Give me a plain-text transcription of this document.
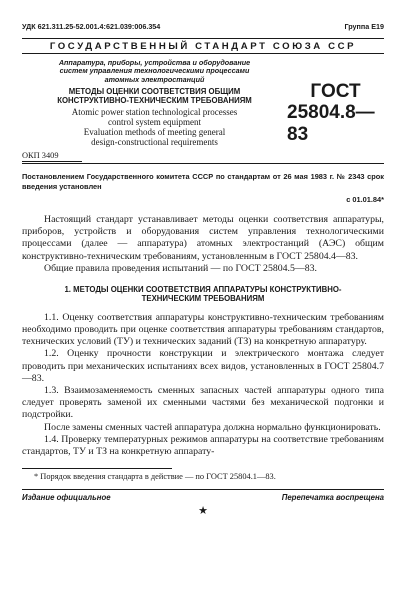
УДК 621.311.25-52.001.4:621.039:006.354	Группа Е19
ГОСУДАРСТВЕННЫЙ СТАНДАРТ СОЮЗА ССР
Аппаратура, приборы, устройства и оборудование
систем управления технологическими процессами
атомных электростанций
МЕТОДЫ ОЦЕНКИ СООТВЕТСТВИЯ ОБЩИМ
КОНСТРУКТИВНО-ТЕХНИЧЕСКИМ ТРЕБОВАНИЯМ
Atomic power station technological processes
control system equipment
Evaluation methods of meeting general
design-constructional requirements
ГОСТ
25804.8—83
ОКП 3409
Постановлением Государственного комитета СССР по стандартам от 26 мая 1983 г. № 2343 срок введения установлен
с 01.01.84*

Настоящий стандарт устанавливает методы оценки соответствия аппаратуры, приборов, устройств и оборудования систем управления технологическими процессами (далее — аппаратура) атомных электростанций (АЭС) общим конструктивно-техническим требованиям, установленным в ГОСТ 25804.4—83.

Общие правила проведения испытаний — по ГОСТ 25804.5—83.

1. МЕТОДЫ ОЦЕНКИ СООТВЕТСТВИЯ АППАРАТУРЫ КОНСТРУКТИВНО-
ТЕХНИЧЕСКИМ ТРЕБОВАНИЯМ

1.1. Оценку соответствия аппаратуры конструктивно-техническим требованиям необходимо проводить при оценке соответствия аппаратуры требованиям стандартов, технических условий (ТУ) и технических заданий (ТЗ) на конкретную аппаратуру.

1.2. Оценку прочности конструкции и электрического монтажа следует проводить при механических испытаниях всех видов, установленных в ГОСТ 25804.7—83.

1.3. Взаимозаменяемость сменных запасных частей аппаратуры одного типа следует проверять заменой их сменными частями без механической подгонки и подстройки.

После замены сменных частей аппаратура должна нормально функционировать.

1.4. Проверку температурных режимов аппаратуры на соответствие требованиям стандартов, ТУ и ТЗ на конкретную аппарату-

* Порядок введения стандарта в действие — по ГОСТ 25804.1—83.
Издание официальное	Перепечатка воспрещена
★
